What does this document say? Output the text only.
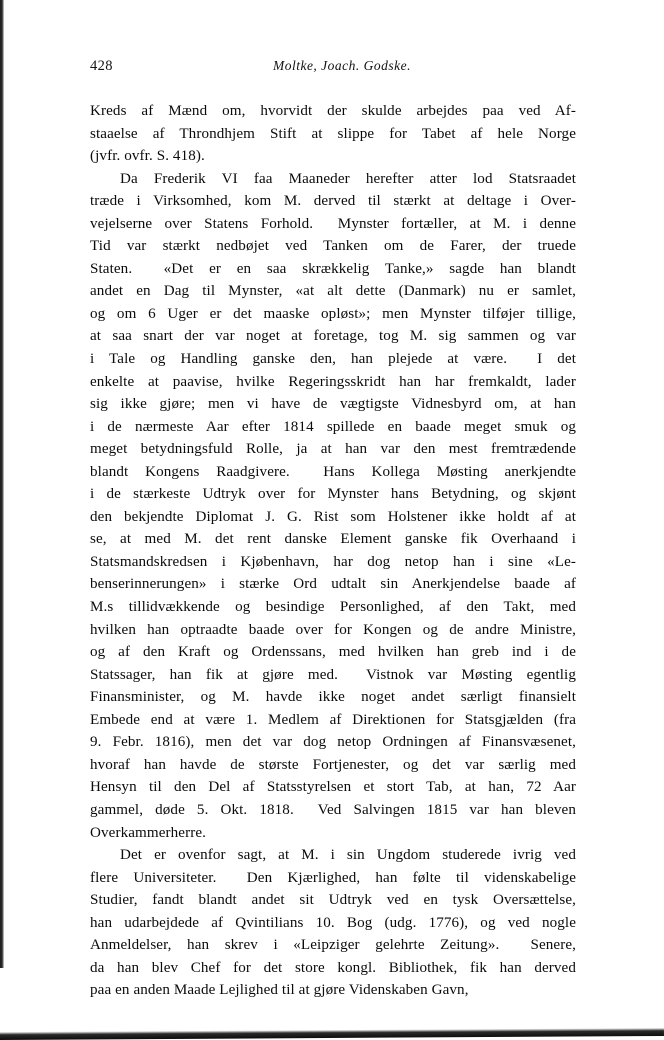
428	Moltke, Joach. Godske.
Kreds af Mænd om, hvorvidt der skulde arbejdes paa ved Af-
staaelse af Throndhjem Stift at slippe for Tabet af hele Norge
(jvfr. ovfr. S. 418).
Da Frederik VI faa Maaneder herefter atter lod Statsraadet
træde i Virksomhed, kom M. derved til stærkt at deltage i Over-
vejelserne over Statens Forhold.  Mynster fortæller, at M. i denne
Tid var stærkt nedbøjet ved Tanken om de Farer, der truede
Staten.  «Det er en saa skrækkelig Tanke,» sagde han blandt
andet en Dag til Mynster, «at alt dette (Danmark) nu er samlet,
og om 6 Uger er det maaske opløst»; men Mynster tilføjer tillige,
at saa snart der var noget at foretage, tog M. sig sammen og var
i Tale og Handling ganske den, han plejede at være.  I det
enkelte at paavise, hvilke Regeringsskridt han har fremkaldt, lader
sig ikke gjøre; men vi have de vægtigste Vidnesbyrd om, at han
i de nærmeste Aar efter 1814 spillede en baade meget smuk og
meget betydningsfuld Rolle, ja at han var den mest fremtrædende
blandt Kongens Raadgivere.  Hans Kollega Møsting anerkjendte
i de stærkeste Udtryk over for Mynster hans Betydning, og skjønt
den bekjendte Diplomat J. G. Rist som Holstener ikke holdt af at
se, at med M. det rent danske Element ganske fik Overhaand i
Statsmandskredsen i Kjøbenhavn, har dog netop han i sine «Le-
benserinnerungen» i stærke Ord udtalt sin Anerkjendelse baade af
M.s tillidvækkende og besindige Personlighed, af den Takt, med
hvilken han optraadte baade over for Kongen og de andre Ministre,
og af den Kraft og Ordenssans, med hvilken han greb ind i de
Statssager, han fik at gjøre med.  Vistnok var Møsting egentlig
Finansminister, og M. havde ikke noget andet særligt finansielt
Embede end at være 1. Medlem af Direktionen for Statsgjælden (fra
9. Febr. 1816), men det var dog netop Ordningen af Finansvæsenet,
hvoraf han havde de største Fortjenester, og det var særlig med
Hensyn til den Del af Statsstyrelsen et stort Tab, at han, 72 Aar
gammel, døde 5. Okt. 1818.  Ved Salvingen 1815 var han bleven
Overkammerherre.
Det er ovenfor sagt, at M. i sin Ungdom studerede ivrig ved
flere Universiteter.  Den Kjærlighed, han følte til videnskabelige
Studier, fandt blandt andet sit Udtryk ved en tysk Oversættelse,
han udarbejdede af Qvintilians 10. Bog (udg. 1776), og ved nogle
Anmeldelser, han skrev i «Leipziger gelehrte Zeitung».  Senere,
da han blev Chef for det store kongl. Bibliothek, fik han derved
paa en anden Maade Lejlighed til at gjøre Videnskaben Gavn,
